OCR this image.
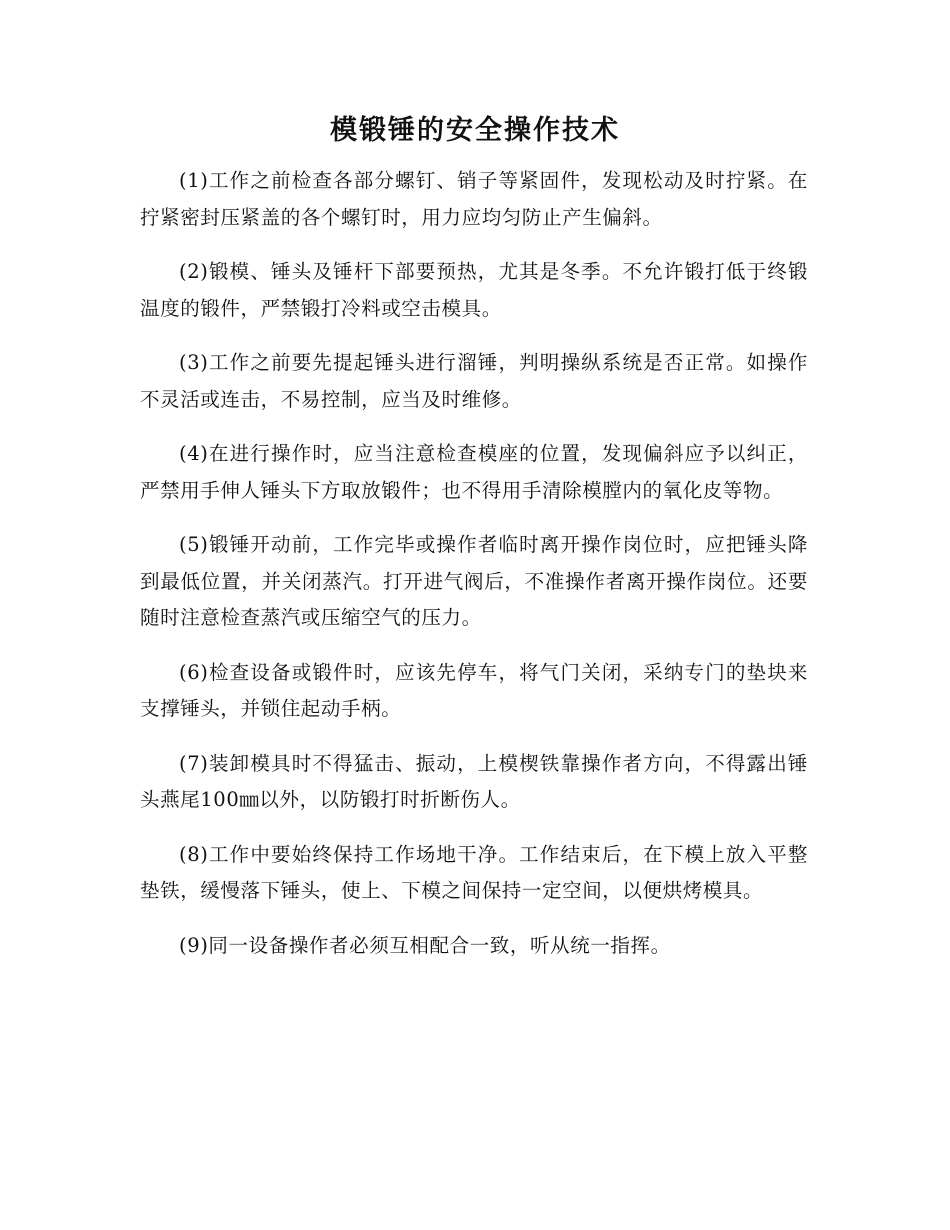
模锻锤的安全操作技术

(1)工作之前检查各部分螺钉、销子等紧固件，发现松动及时拧紧。在拧紧密封压紧盖的各个螺钉时，用力应均匀防止产生偏斜。

(2)锻模、锤头及锤杆下部要预热，尤其是冬季。不允许锻打低于终锻温度的锻件，严禁锻打冷料或空击模具。

(3)工作之前要先提起锤头进行溜锤，判明操纵系统是否正常。如操作不灵活或连击，不易控制，应当及时维修。

(4)在进行操作时，应当注意检查模座的位置，发现偏斜应予以纠正，严禁用手伸人锤头下方取放锻件；也不得用手清除模膛内的氧化皮等物。

(5)锻锤开动前，工作完毕或操作者临时离开操作岗位时，应把锤头降到最低位置，并关闭蒸汽。打开进气阀后，不准操作者离开操作岗位。还要随时注意检查蒸汽或压缩空气的压力。

(6)检查设备或锻件时，应该先停车，将气门关闭，采纳专门的垫块来支撑锤头，并锁住起动手柄。

(7)装卸模具时不得猛击、振动，上模楔铁靠操作者方向，不得露出锤头燕尾100㎜以外，以防锻打时折断伤人。

(8)工作中要始终保持工作场地干净。工作结束后，在下模上放入平整垫铁，缓慢落下锤头，使上、下模之间保持一定空间，以便烘烤模具。

(9)同一设备操作者必须互相配合一致，听从统一指挥。
